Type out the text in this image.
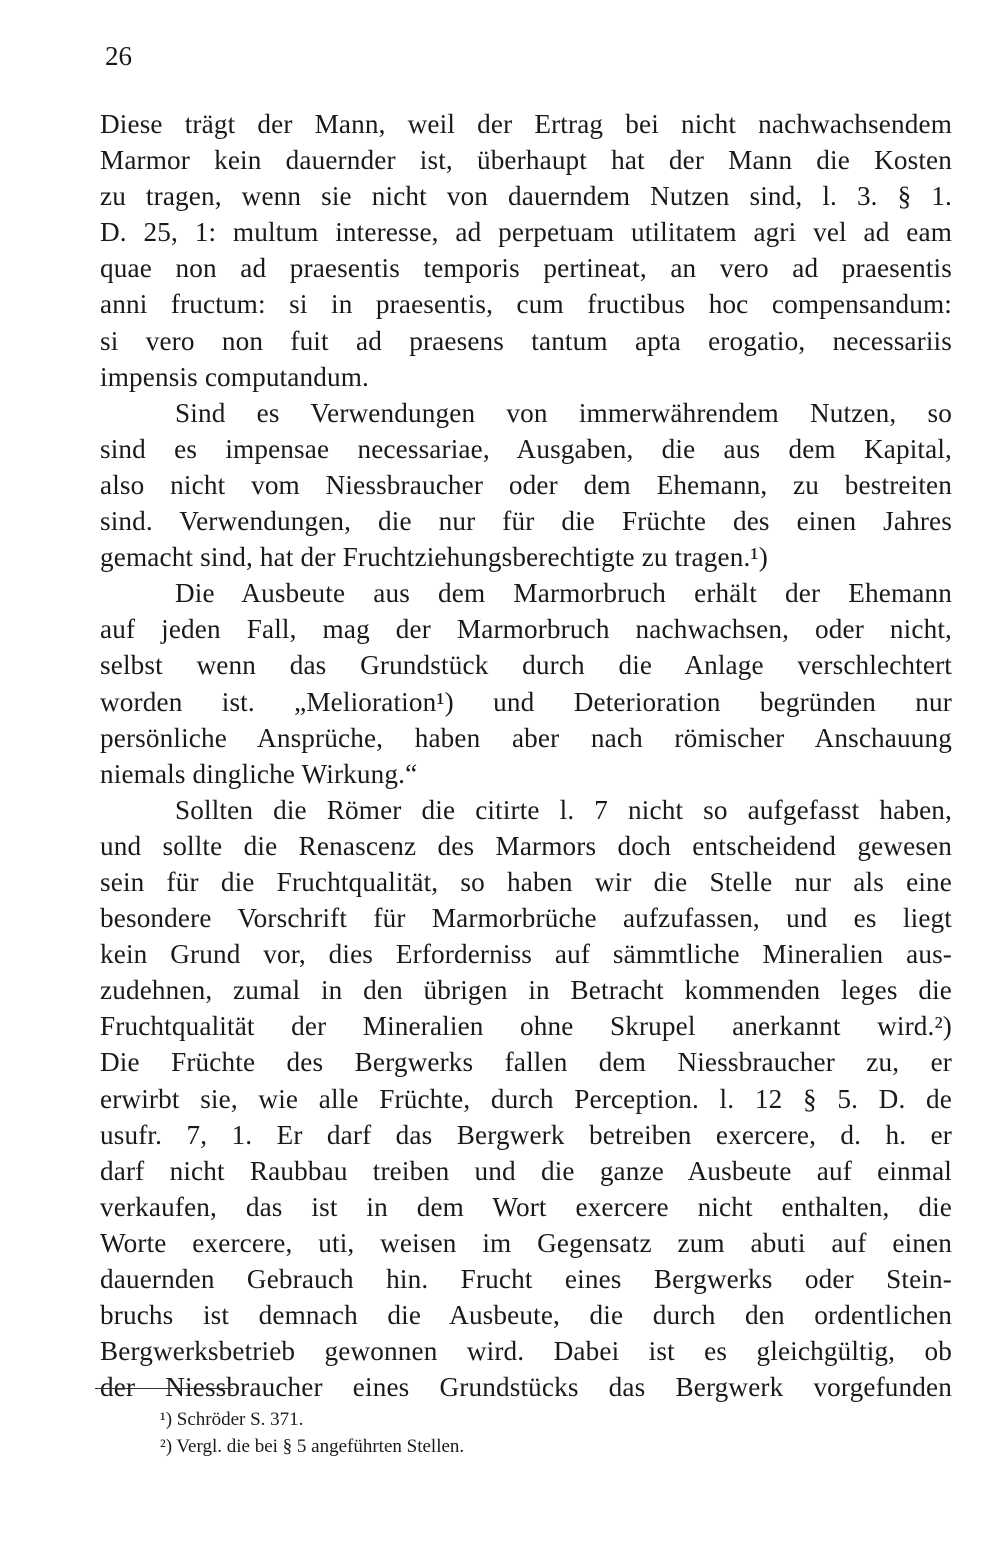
26
Diese trägt der Mann, weil der Ertrag bei nicht nachwachsendem
Marmor kein dauernder ist, überhaupt hat der Mann die Kosten
zu tragen, wenn sie nicht von dauerndem Nutzen sind, l. 3. § 1.
D. 25, 1: multum interesse, ad perpetuam utilitatem agri vel ad eam
quae non ad praesentis temporis pertineat, an vero ad praesentis
anni fructum: si in praesentis, cum fructibus hoc compensandum:
si vero non fuit ad praesens tantum apta erogatio, necessariis
impensis computandum.
Sind es Verwendungen von immerwährendem Nutzen, so
sind es impensae necessariae, Ausgaben, die aus dem Kapital,
also nicht vom Niessbraucher oder dem Ehemann, zu bestreiten
sind. Verwendungen, die nur für die Früchte des einen Jahres
gemacht sind, hat der Fruchtziehungsberechtigte zu tragen.¹)
Die Ausbeute aus dem Marmorbruch erhält der Ehemann
auf jeden Fall, mag der Marmorbruch nachwachsen, oder nicht,
selbst wenn das Grundstück durch die Anlage verschlechtert
worden ist. „Melioration¹) und Deterioration begründen nur
persönliche Ansprüche, haben aber nach römischer Anschauung
niemals dingliche Wirkung.“
Sollten die Römer die citirte l. 7 nicht so aufgefasst haben,
und sollte die Renascenz des Marmors doch entscheidend gewesen
sein für die Fruchtqualität, so haben wir die Stelle nur als eine
besondere Vorschrift für Marmorbrüche aufzufassen, und es liegt
kein Grund vor, dies Erforderniss auf sämmtliche Mineralien aus-
zudehnen, zumal in den übrigen in Betracht kommenden leges die
Fruchtqualität der Mineralien ohne Skrupel anerkannt wird.²)
Die Früchte des Bergwerks fallen dem Niessbraucher zu, er
erwirbt sie, wie alle Früchte, durch Perception. l. 12 § 5. D. de
usufr. 7, 1. Er darf das Bergwerk betreiben exercere, d. h. er
darf nicht Raubbau treiben und die ganze Ausbeute auf einmal
verkaufen, das ist in dem Wort exercere nicht enthalten, die
Worte exercere, uti, weisen im Gegensatz zum abuti auf einen
dauernden Gebrauch hin. Frucht eines Bergwerks oder Stein-
bruchs ist demnach die Ausbeute, die durch den ordentlichen
Bergwerksbetrieb gewonnen wird. Dabei ist es gleichgültig, ob
der Niessbraucher eines Grundstücks das Bergwerk vorgefunden
¹) Schröder S. 371.
²) Vergl. die bei § 5 angeführten Stellen.
